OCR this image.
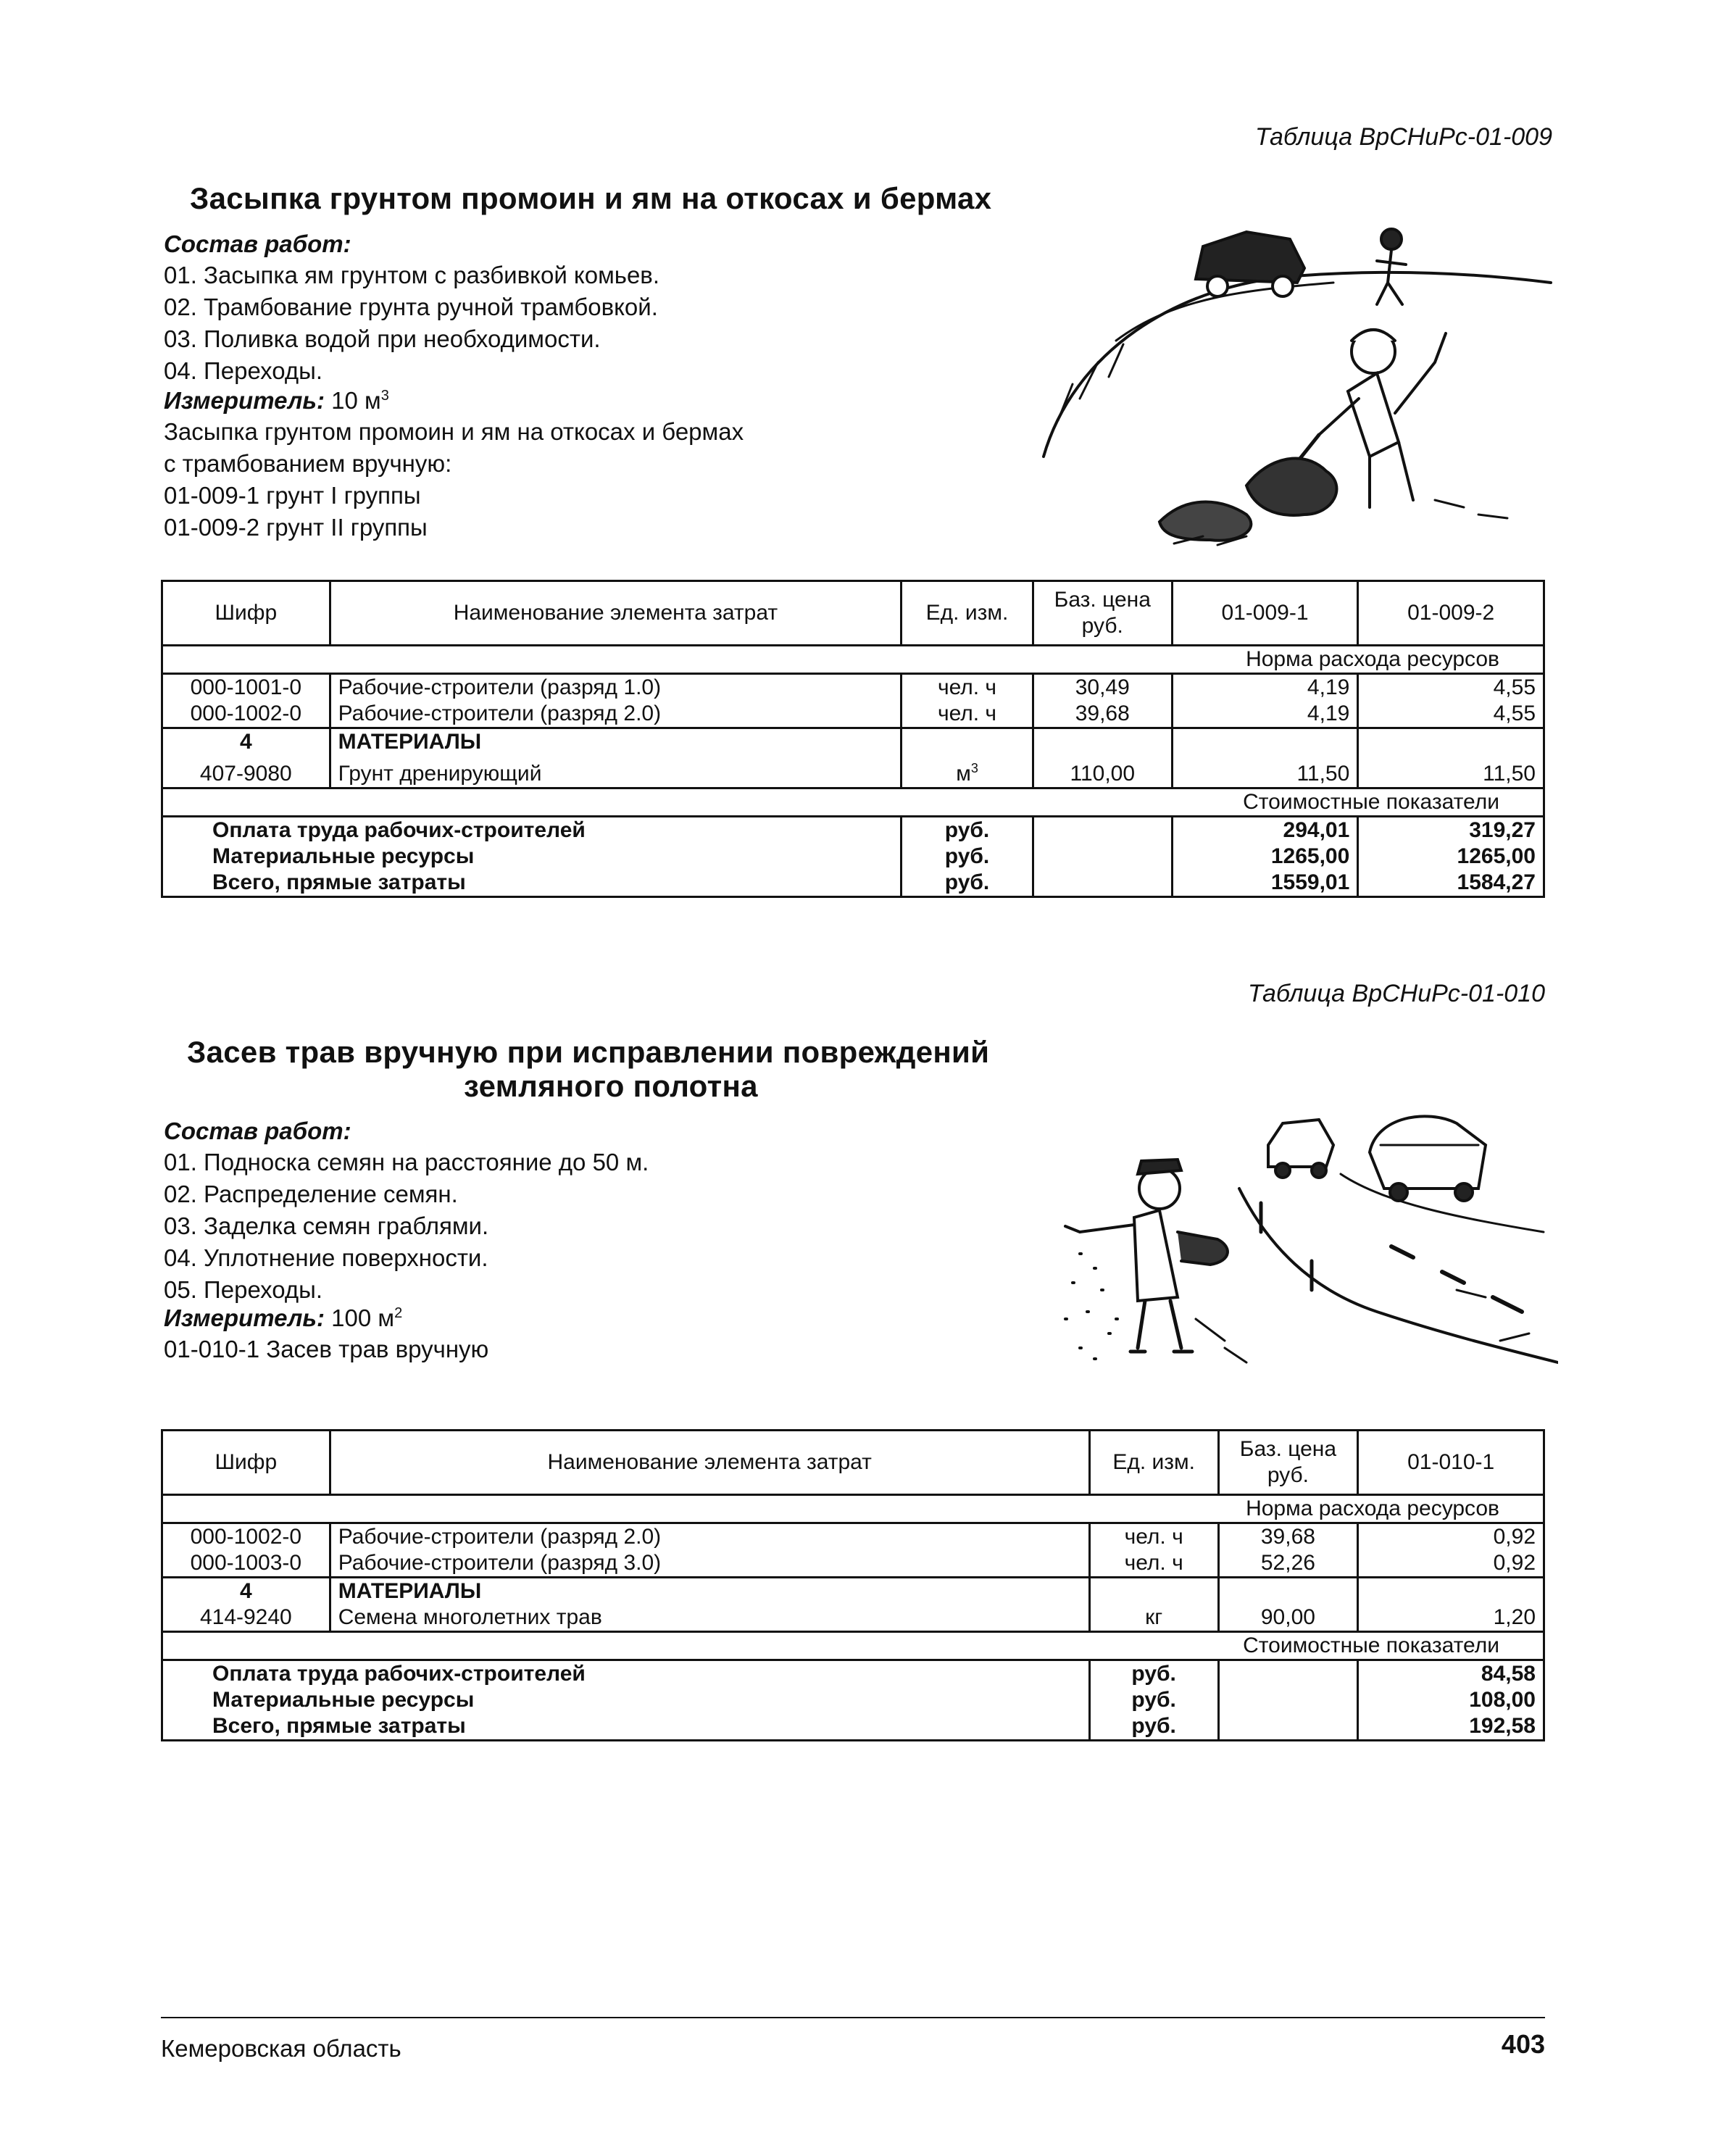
Таблица ВрСНиРс-01-009
Засыпка грунтом промоин и ям на откосах и бермах
Состав работ:
01. Засыпка ям грунтом с разбивкой комьев.
02. Трамбование грунта ручной трамбовкой.
03. Поливка водой при необходимости.
04. Переходы.
Измеритель: 10 $м^3$
Засыпка грунтом промоин и ям на откосах и бермах
с трамбованием вручную:
01-009-1 грунт I группы
01-009-2 грунт II группы
Шифр	Наименование элемента затрат	Ед. изм.	Баз. цена руб.	01-009-1	01-009-2
Норма расхода ресурсов					
000-1001-0	Рабочие-строители (разряд 1.0)	чел. ч	30,49	4,19	4,55
000-1002-0	Рабочие-строители (разряд 2.0)	чел. ч	39,68	4,19	4,55
4	МАТЕРИАЛЫ				
407-9080	Грунт дренирующий	$м^3$	110,00	11,50	11,50
Стоимостные показатели					
Оплата труда рабочих-строителей		руб.		294,01	319,27
Материальные ресурсы		руб.		1265,00	1265,00
Всего, прямые затраты		руб.		1559,01	1584,27
Таблица ВрСНиРс-01-010
Засев трав вручную при исправлении повреждений
земляного полотна
Состав работ:
01. Подноска семян на расстояние до 50 м.
02. Распределение семян.
03. Заделка семян граблями.
04. Уплотнение поверхности.
05. Переходы.
Измеритель: 100 $м^2$
01-010-1 Засев трав вручную
Шифр	Наименование элемента затрат	Ед. изм.	Баз. цена руб.	01-010-1
Норма расхода ресурсов				
000-1002-0	Рабочие-строители (разряд 2.0)	чел. ч	39,68	0,92
000-1003-0	Рабочие-строители (разряд 3.0)	чел. ч	52,26	0,92
4	МАТЕРИАЛЫ			
414-9240	Семена многолетних трав	кг	90,00	1,20
Стоимостные показатели				
Оплата труда рабочих-строителей		руб.		84,58
Материальные ресурсы		руб.		108,00
Всего, прямые затраты		руб.		192,58
Кемеровская область	403
